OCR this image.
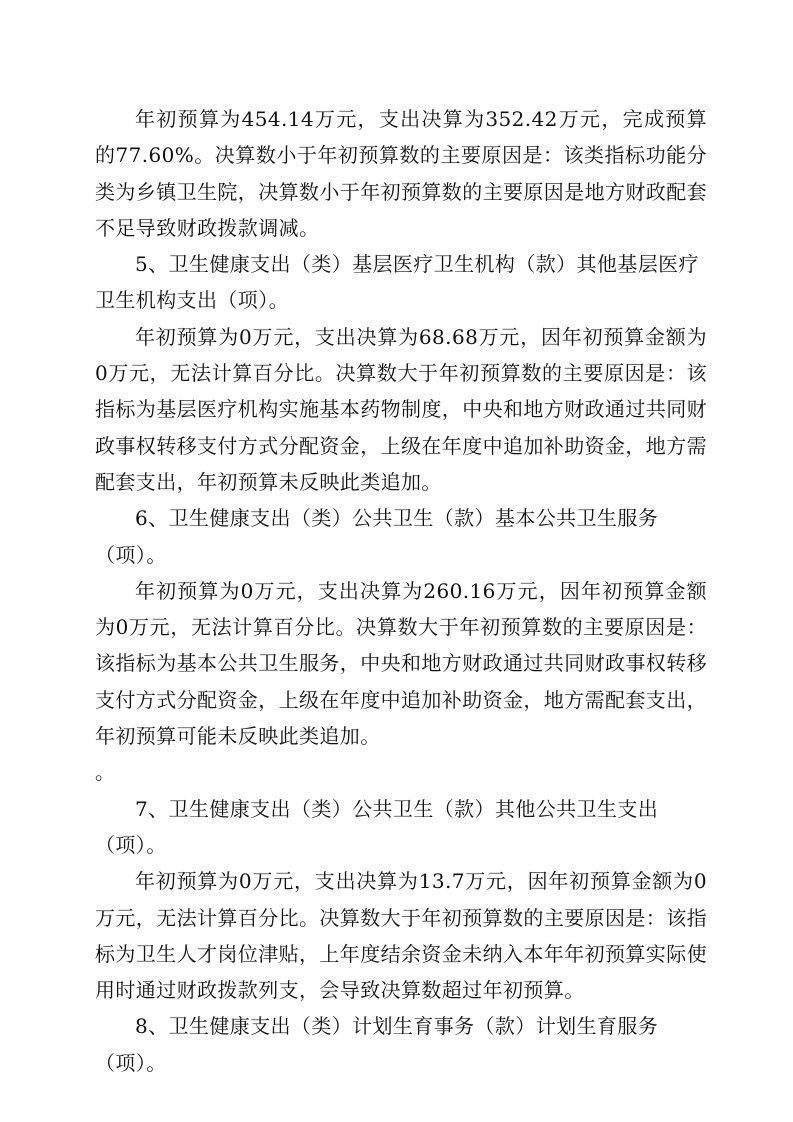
年初预算为454.14万元，支出决算为352.42万元，完成预算的77.60%。决算数小于年初预算数的主要原因是：该类指标功能分类为乡镇卫生院，决算数小于年初预算数的主要原因是地方财政配套不足导致财政拨款调减。

5、卫生健康支出（类）基层医疗卫生机构（款）其他基层医疗卫生机构支出（项）。

年初预算为0万元，支出决算为68.68万元，因年初预算金额为0万元，无法计算百分比。决算数大于年初预算数的主要原因是：该指标为基层医疗机构实施基本药物制度，中央和地方财政通过共同财政事权转移支付方式分配资金，上级在年度中追加补助资金，地方需配套支出，年初预算未反映此类追加。

6、卫生健康支出（类）公共卫生（款）基本公共卫生服务（项）。

年初预算为0万元，支出决算为260.16万元，因年初预算金额为0万元，无法计算百分比。决算数大于年初预算数的主要原因是：该指标为基本公共卫生服务，中央和地方财政通过共同财政事权转移支付方式分配资金，上级在年度中追加补助资金，地方需配套支出，年初预算可能未反映此类追加。

。

7、卫生健康支出（类）公共卫生（款）其他公共卫生支出（项）。

年初预算为0万元，支出决算为13.7万元，因年初预算金额为0万元，无法计算百分比。决算数大于年初预算数的主要原因是：该指标为卫生人才岗位津贴，上年度结余资金未纳入本年年初预算实际使用时通过财政拨款列支，会导致决算数超过年初预算。

8、卫生健康支出（类）计划生育事务（款）计划生育服务（项）。
